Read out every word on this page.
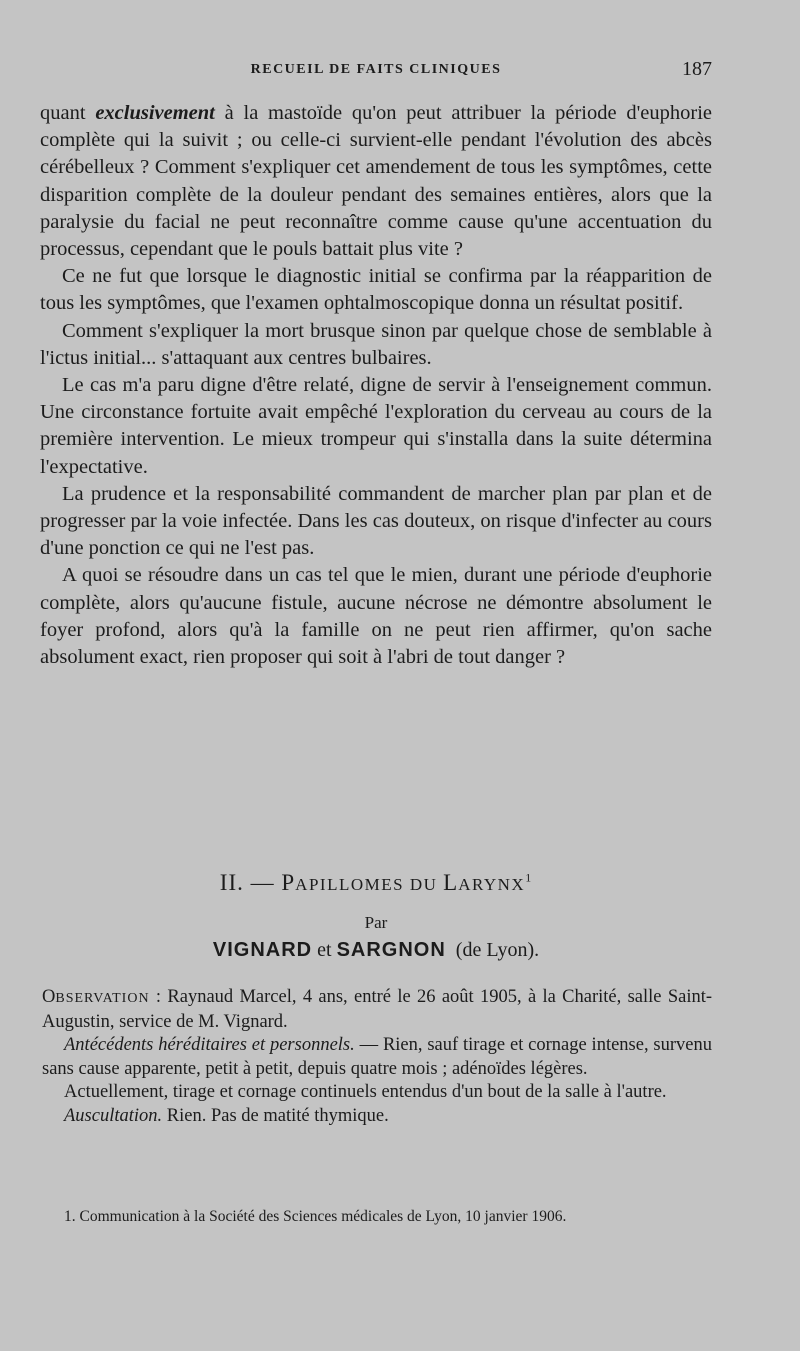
RECUEIL DE FAITS CLINIQUES	187

quant exclusivement à la mastoïde qu'on peut attribuer la période d'euphorie complète qui la suivit ; ou celle-ci survient-elle pendant l'évolution des abcès cérébelleux ? Comment s'expliquer cet amendement de tous les symptômes, cette disparition complète de la douleur pendant des semaines entières, alors que la paralysie du facial ne peut reconnaître comme cause qu'une accentuation du processus, cependant que le pouls battait plus vite ?

Ce ne fut que lorsque le diagnostic initial se confirma par la réapparition de tous les symptômes, que l'examen ophtalmoscopique donna un résultat positif.

Comment s'expliquer la mort brusque sinon par quelque chose de semblable à l'ictus initial... s'attaquant aux centres bulbaires.

Le cas m'a paru digne d'être relaté, digne de servir à l'enseignement commun. Une circonstance fortuite avait empêché l'exploration du cerveau au cours de la première intervention. Le mieux trompeur qui s'installa dans la suite détermina l'expectative.

La prudence et la responsabilité commandent de marcher plan par plan et de progresser par la voie infectée. Dans les cas douteux, on risque d'infecter au cours d'une ponction ce qui ne l'est pas.

A quoi se résoudre dans un cas tel que le mien, durant une période d'euphorie complète, alors qu'aucune fistule, aucune nécrose ne démontre absolument le foyer profond, alors qu'à la famille on ne peut rien affirmer, qu'on sache absolument exact, rien proposer qui soit à l'abri de tout danger ?

II. — PAPILLOMES DU LARYNX$^1$
Par
VIGNARD et SARGNON (de Lyon).

OBSERVATION : Raynaud Marcel, 4 ans, entré le 26 août 1905, à la Charité, salle Saint-Augustin, service de M. Vignard.

Antécédents héréditaires et personnels. — Rien, sauf tirage et cornage intense, survenu sans cause apparente, petit à petit, depuis quatre mois ; adénoïdes légères.

Actuellement, tirage et cornage continuels entendus d'un bout de la salle à l'autre.

Auscultation. Rien. Pas de matité thymique.

1. Communication à la Société des Sciences médicales de Lyon, 10 janvier 1906.
